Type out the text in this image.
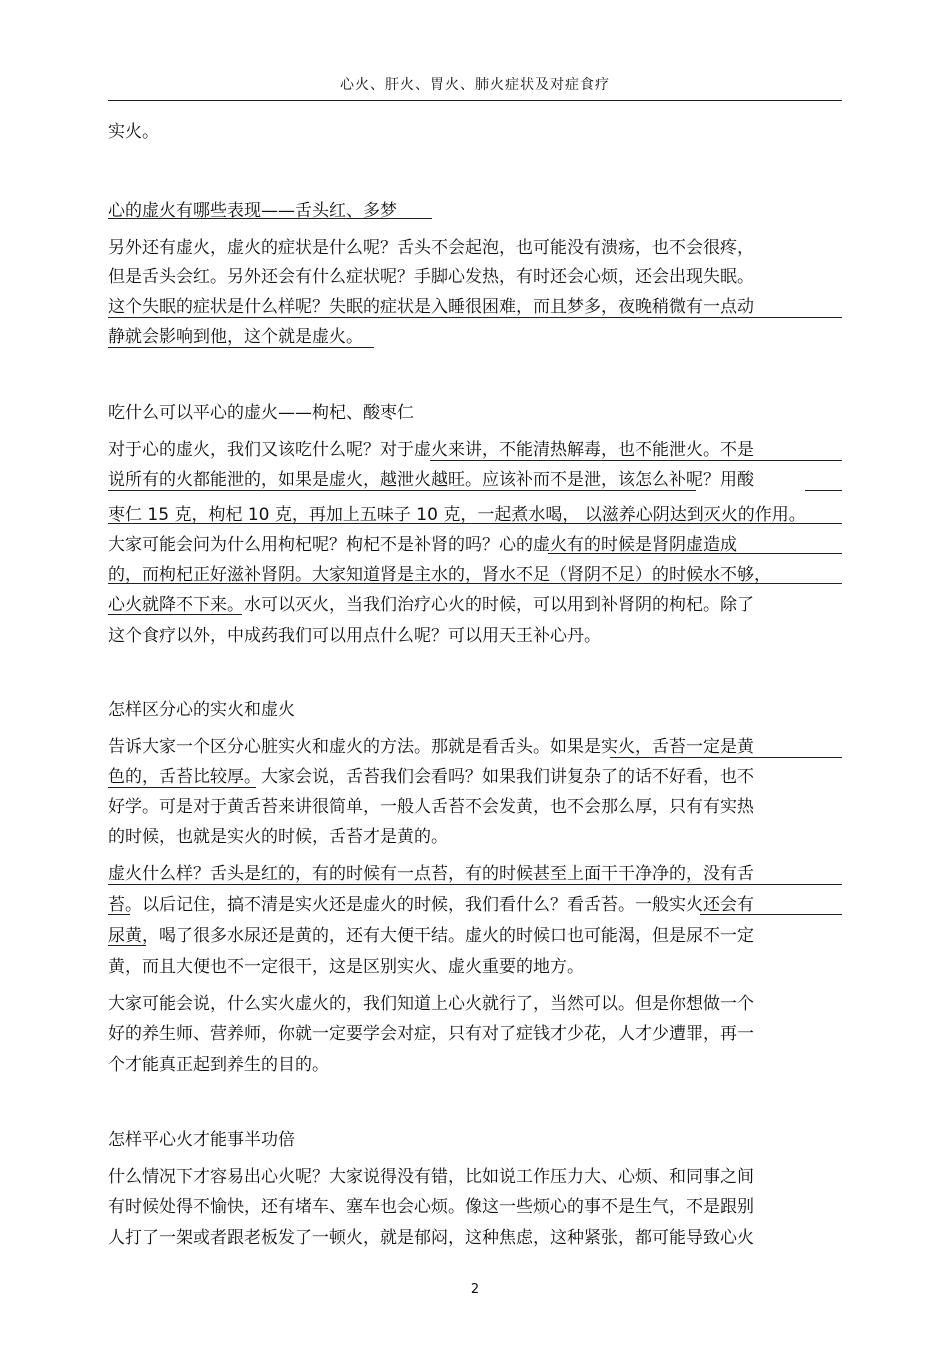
心火、肝火、胃火、肺火症状及对症食疗
实火。
心的虚火有哪些表现——舌头红、多梦
另外还有虚火，虚火的症状是什么呢？舌头不会起泡，也可能没有溃疡，也不会很疼，
但是舌头会红。另外还会有什么症状呢？手脚心发热，有时还会心烦，还会出现失眠。
这个失眠的症状是什么样呢？失眠的症状是入睡很困难，而且梦多，夜晚稍微有一点动
静就会影响到他，这个就是虚火。
吃什么可以平心的虚火——枸杞、酸枣仁
对于心的虚火，我们又该吃什么呢？对于虚火来讲，不能清热解毒，也不能泄火。不是
说所有的火都能泄的，如果是虚火，越泄火越旺。应该补而不是泄，该怎么补呢？用酸
枣仁 15 克，枸杞 10 克，再加上五味子 10 克，一起煮水喝， 以滋养心阴达到灭火的作用。
大家可能会问为什么用枸杞呢？枸杞不是补肾的吗？心的虚火有的时候是肾阴虚造成
的，而枸杞正好滋补肾阴。大家知道肾是主水的，肾水不足（肾阴不足）的时候水不够，
心火就降不下来。水可以灭火，当我们治疗心火的时候，可以用到补肾阴的枸杞。除了
这个食疗以外，中成药我们可以用点什么呢？可以用天王补心丹。
怎样区分心的实火和虚火
告诉大家一个区分心脏实火和虚火的方法。那就是看舌头。如果是实火，舌苔一定是黄
色的，舌苔比较厚。大家会说，舌苔我们会看吗？如果我们讲复杂了的话不好看，也不
好学。可是对于黄舌苔来讲很简单，一般人舌苔不会发黄，也不会那么厚，只有有实热
的时候，也就是实火的时候，舌苔才是黄的。
虚火什么样？舌头是红的，有的时候有一点苔，有的时候甚至上面干干净净的，没有舌
苔。以后记住，搞不清是实火还是虚火的时候，我们看什么？看舌苔。一般实火还会有
尿黄，喝了很多水尿还是黄的，还有大便干结。虚火的时候口也可能渴，但是尿不一定
黄，而且大便也不一定很干，这是区别实火、虚火重要的地方。
大家可能会说，什么实火虚火的，我们知道上心火就行了，当然可以。但是你想做一个
好的养生师、营养师，你就一定要学会对症，只有对了症钱才少花，人才少遭罪，再一
个才能真正起到养生的目的。
怎样平心火才能事半功倍
什么情况下才容易出心火呢？大家说得没有错，比如说工作压力大、心烦、和同事之间
有时候处得不愉快，还有堵车、塞车也会心烦。像这一些烦心的事不是生气，不是跟别
人打了一架或者跟老板发了一顿火，就是郁闷，这种焦虑，这种紧张，都可能导致心火
2
